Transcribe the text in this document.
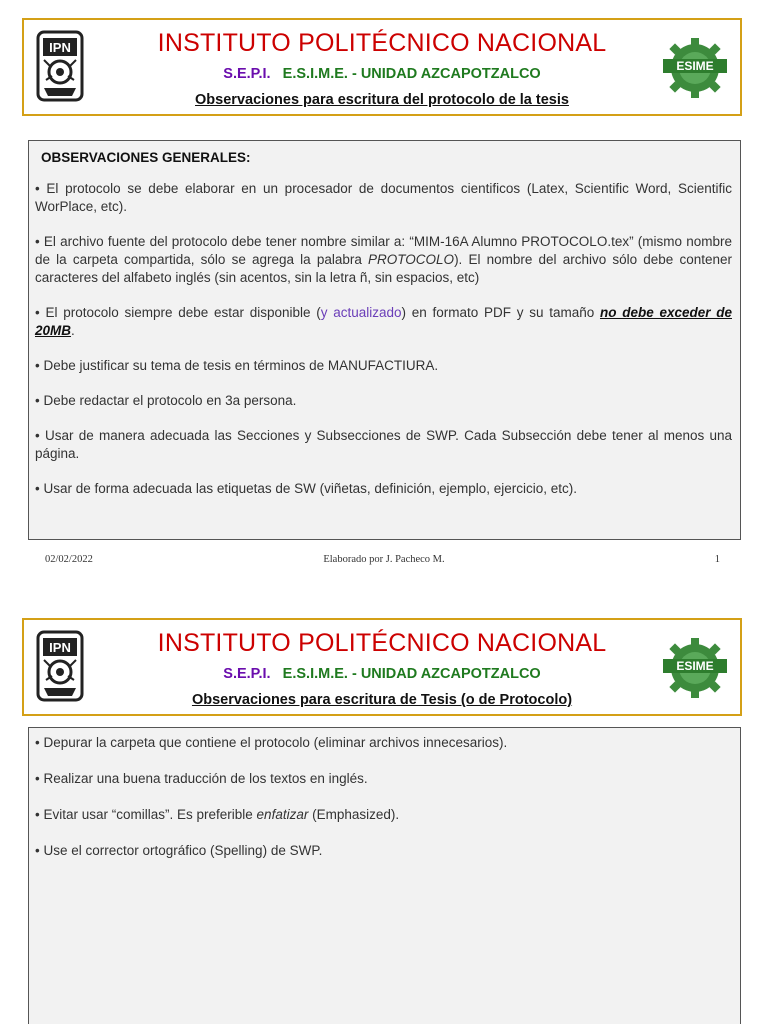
IPN	INSTITUTO POLITÉCNICO NACIONAL
S.E.P.I. E.S.I.M.E. - UNIDAD AZCAPOTZALCO
Observaciones para escritura del protocolo de la tesis
ESIME
OBSERVACIONES GENERALES:

• El protocolo se debe elaborar en un procesador de documentos cientificos (Latex, Scientific Word, Scientific WorPlace, etc).

• El archivo fuente del protocolo debe tener nombre similar a: “MIM-16A Alumno PROTOCOLO.tex” (mismo nombre de la carpeta compartida, sólo se agrega la palabra PROTOCOLO). El nombre del archivo sólo debe contener caracteres del alfabeto inglés (sin acentos, sin la letra ñ, sin espacios, etc)

• El protocolo siempre debe estar disponible (y actualizado) en formato PDF y su tamaño no debe exceder de 20MB.

• Debe justificar su tema de tesis en términos de MANUFACTIURA.

• Debe redactar el protocolo en 3a persona.

• Usar de manera adecuada las Secciones y Subsecciones de SWP. Cada Subsección debe tener al menos una página.

• Usar de forma adecuada las etiquetas de SW (viñetas, definición, ejemplo, ejercicio, etc).

02/02/2022	Elaborado por J. Pacheco M.	1
IPN	INSTITUTO POLITÉCNICO NACIONAL
S.E.P.I. E.S.I.M.E. - UNIDAD AZCAPOTZALCO
Observaciones para escritura de Tesis (o de Protocolo)
ESIME

• Depurar la carpeta que contiene el protocolo (eliminar archivos innecesarios).

• Realizar una buena traducción de los textos en inglés.

• Evitar usar “comillas”. Es preferible enfatizar (Emphasized).

• Use el corrector ortográfico (Spelling) de SWP.
